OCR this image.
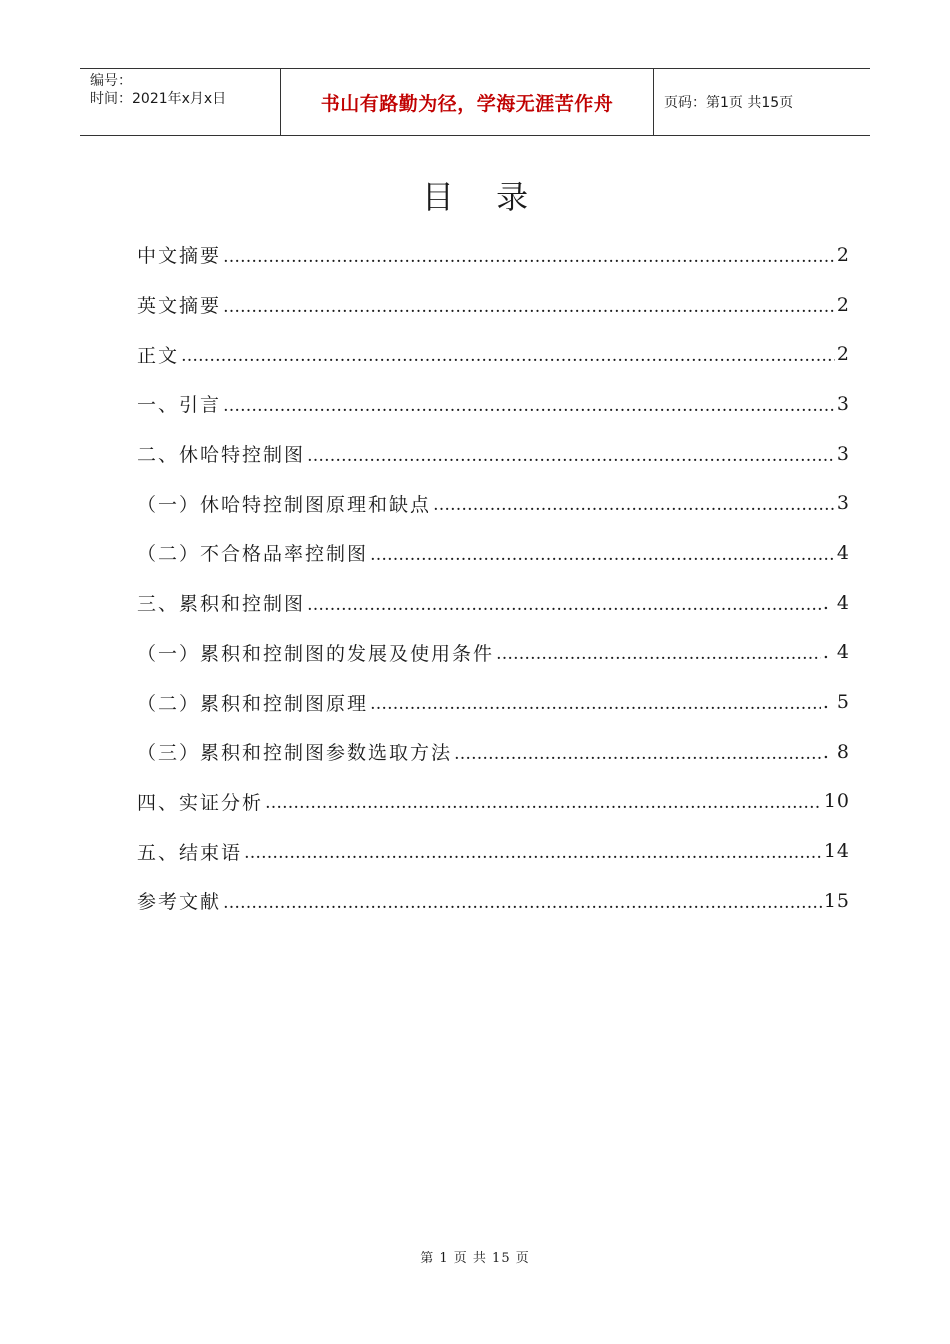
编号：
时间：2021年x月x日	书山有路勤为径，学海无涯苦作舟	页码：第1页 共15页
目 录
中文摘要 ……………………………………………………………………………………………………………………………………………………………………	2
英文摘要 ……………………………………………………………………………………………………………………………………………………………………	2
正文 ……………………………………………………………………………………………………………………………………………………………………	2
一、引言 ……………………………………………………………………………………………………………………………………………………………………	3
二、休哈特控制图 ……………………………………………………………………………………………………………………………………………………………………	3
（一）休哈特控制图原理和缺点 ……………………………………………………………………………………………………………………………………………………………………	3
（二）不合格品率控制图 ……………………………………………………………………………………………………………………………………………………………………	4
三、累积和控制图 ……………………………………………………………………………………………………………………………………………………………………	. 4
（一）累积和控制图的发展及使用条件 ……………………………………………………………………………………………………………………………………………………………………	. 4
（二）累积和控制图原理 ……………………………………………………………………………………………………………………………………………………………………	. 5
（三）累积和控制图参数选取方法 ……………………………………………………………………………………………………………………………………………………………………	. 8
四、实证分析 ……………………………………………………………………………………………………………………………………………………………………	10
五、结束语 ……………………………………………………………………………………………………………………………………………………………………	14
参考文献 ……………………………………………………………………………………………………………………………………………………………………	15
第 1 页 共 15 页
